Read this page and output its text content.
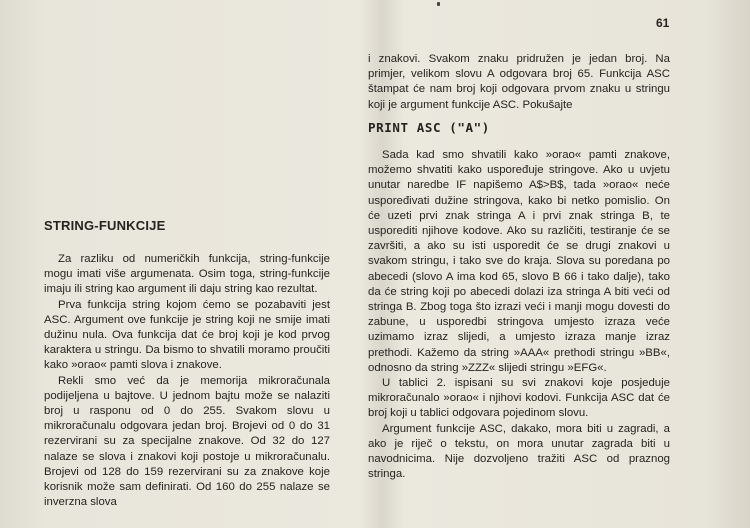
61
STRING-FUNKCIJE

Za razliku od numeričkih funkcija, string-funkcije mogu imati više argumenata. Osim toga, string-funkcije imaju ili string kao argument ili daju string kao rezultat.

Prva funkcija string kojom ćemo se pozabaviti jest ASC. Argument ove funkcije je string koji ne smije imati dužinu nula. Ova funkcija dat će broj koji je kod prvog karaktera u stringu. Da bismo to shvatili moramo proučiti kako »orao« pamti slova i znakove.

Rekli smo već da je memorija mikroračunala podijeljena u bajtove. U jednom bajtu može se nalaziti broj u rasponu od 0 do 255. Svakom slovu u mikroračunalu odgovara jedan broj. Brojevi od 0 do 31 rezervirani su za specijalne znakove. Od 32 do 127 nalaze se slova i znakovi koji postoje u mikroračunalu. Brojevi od 128 do 159 rezervirani su za znakove koje korisnik može sam definirati. Od 160 do 255 nalaze se inverzna slova

i znakovi. Svakom znaku pridružen je jedan broj. Na primjer, velikom slovu A odgovara broj 65. Funkcija ASC štampat će nam broj koji odgovara prvom znaku u stringu koji je argument funkcije ASC. Pokušajte

PRINT ASC ("A")

Sada kad smo shvatili kako »orao« pamti znakove, možemo shvatiti kako uspoređuje stringove. Ako u uvjetu unutar naredbe IF napišemo A$>B$, tada »orao« neće uspoređivati dužine stringova, kako bi netko pomislio. On će uzeti prvi znak stringa A i prvi znak stringa B, te usporediti njihove kodove. Ako su različiti, testiranje će se završiti, a ako su isti usporedit će se drugi znakovi u svakom stringu, i tako sve do kraja. Slova su poredana po abecedi (slovo A ima kod 65, slovo B 66 i tako dalje), tako da će string koji po abecedi dolazi iza stringa A biti veći od stringa B. Zbog toga što izrazi veći i manji mogu dovesti do zabune, u usporedbi stringova umjesto izraza veće uzimamo izraz slijedi, a umjesto izraza manje izraz prethodi. Kažemo da string »AAA« prethodi stringu »BB«, odnosno da string »ZZZ« slijedi stringu »EFG«.

U tablici 2. ispisani su svi znakovi koje posjeduje mikroračunalo »orao« i njihovi kodovi. Funkcija ASC dat će broj koji u tablici odgovara pojedinom slovu.

Argument funkcije ASC, dakako, mora biti u zagradi, a ako je riječ o tekstu, on mora unutar zagrada biti u navodnicima. Nije dozvoljeno tražiti ASC od praznog stringa.
